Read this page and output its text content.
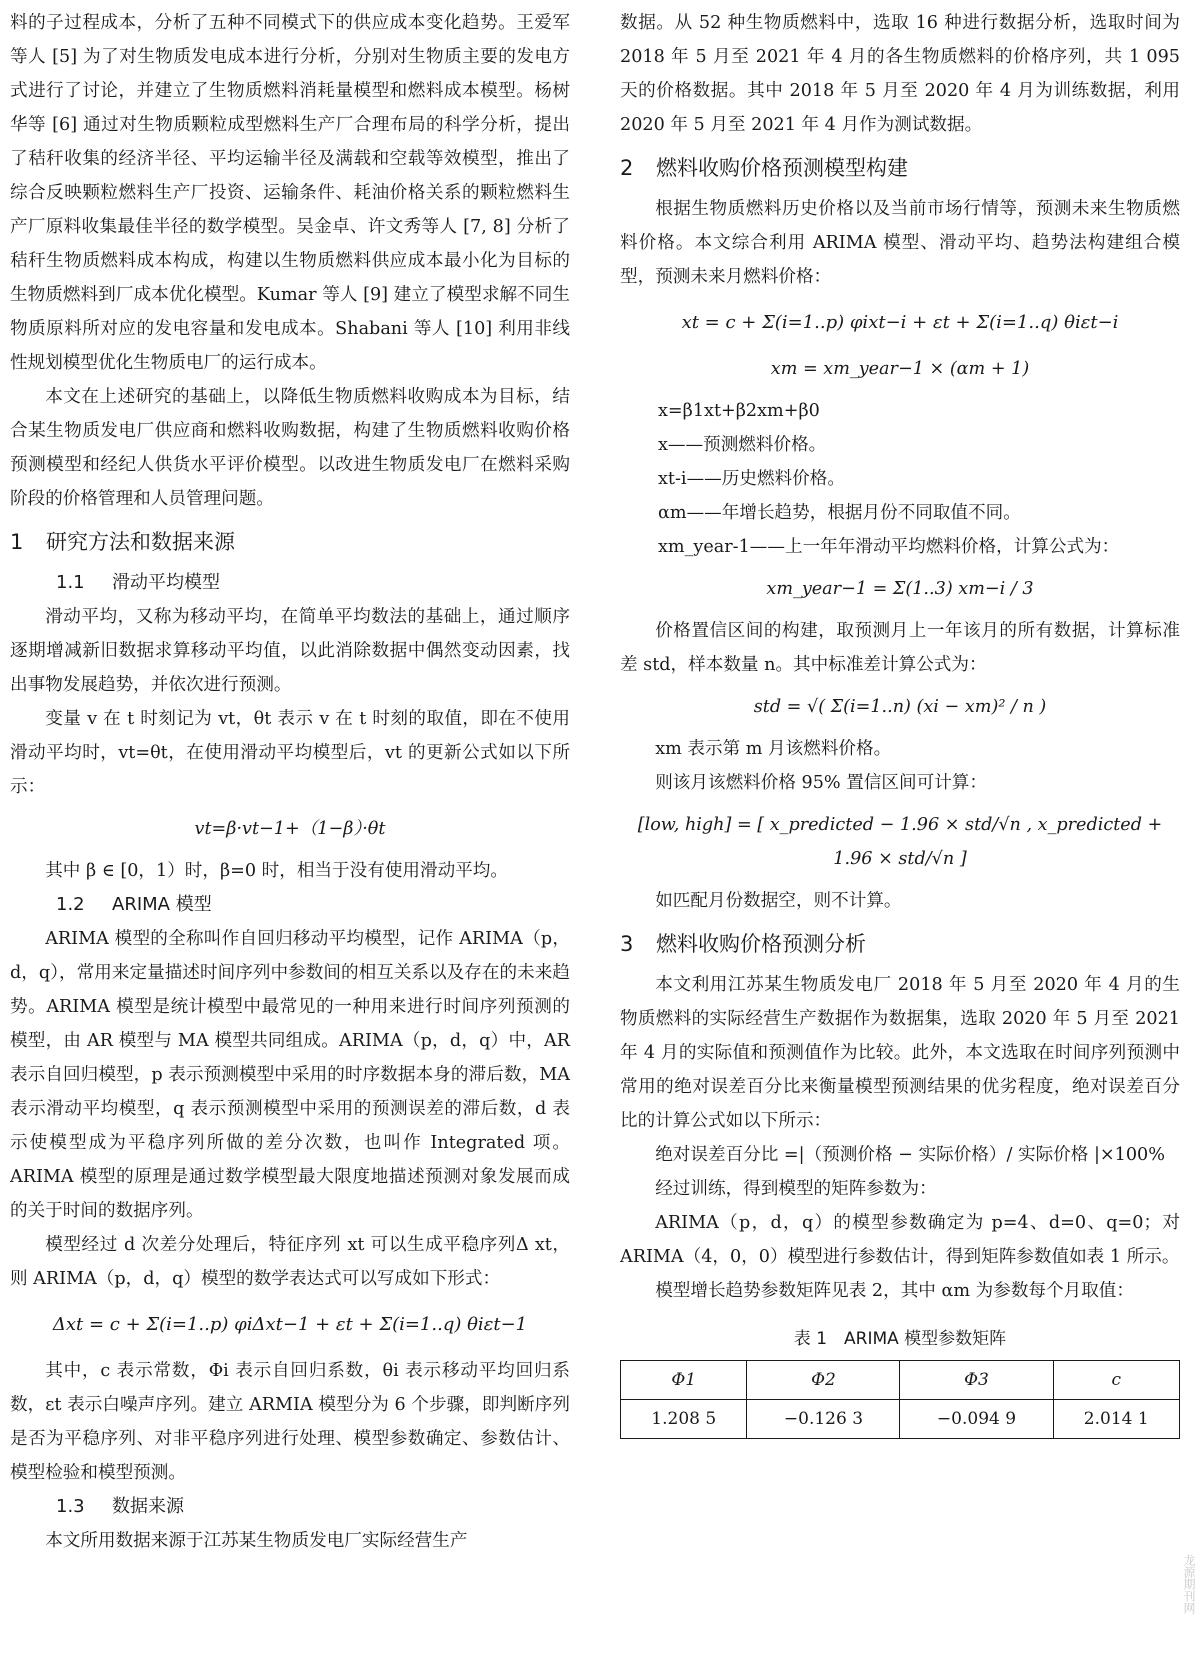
料的子过程成本，分析了五种不同模式下的供应成本变化趋势。王爱军等人 [5] 为了对生物质发电成本进行分析，分别对生物质主要的发电方式进行了讨论，并建立了生物质燃料消耗量模型和燃料成本模型。杨树华等 [6] 通过对生物质颗粒成型燃料生产厂合理布局的科学分析，提出了秸秆收集的经济半径、平均运输半径及满载和空载等效模型，推出了综合反映颗粒燃料生产厂投资、运输条件、耗油价格关系的颗粒燃料生产厂原料收集最佳半径的数学模型。吴金卓、许文秀等人 [7, 8] 分析了秸秆生物质燃料成本构成，构建以生物质燃料供应成本最小化为目标的生物质燃料到厂成本优化模型。Kumar 等人 [9] 建立了模型求解不同生物质原料所对应的发电容量和发电成本。Shabani 等人 [10] 利用非线性规划模型优化生物质电厂的运行成本。

本文在上述研究的基础上，以降低生物质燃料收购成本为目标，结合某生物质发电厂供应商和燃料收购数据，构建了生物质燃料收购价格预测模型和经纪人供货水平评价模型。以改进生物质发电厂在燃料采购阶段的价格管理和人员管理问题。

1 研究方法和数据来源
1.1 滑动平均模型

滑动平均，又称为移动平均，在简单平均数法的基础上，通过顺序逐期增减新旧数据求算移动平均值，以此消除数据中偶然变动因素，找出事物发展趋势，并依次进行预测。

变量 v 在 t 时刻记为 vt，θt 表示 v 在 t 时刻的取值，即在不使用滑动平均时，vt=θt，在使用滑动平均模型后，vt 的更新公式如以下所示：

vt=β·vt−1+（1−β）·θt

其中 β ∈ [0，1）时，β=0 时，相当于没有使用滑动平均。

1.2 ARIMA 模型

ARIMA 模型的全称叫作自回归移动平均模型，记作 ARIMA（p，d，q），常用来定量描述时间序列中参数间的相互关系以及存在的未来趋势。ARIMA 模型是统计模型中最常见的一种用来进行时间序列预测的模型，由 AR 模型与 MA 模型共同组成。ARIMA（p，d，q）中，AR 表示自回归模型，p 表示预测模型中采用的时序数据本身的滞后数，MA 表示滑动平均模型，q 表示预测模型中采用的预测误差的滞后数，d 表示使模型成为平稳序列所做的差分次数，也叫作 Integrated 项。ARIMA 模型的原理是通过数学模型最大限度地描述预测对象发展而成的关于时间的数据序列。

模型经过 d 次差分处理后，特征序列 xt 可以生成平稳序列Δ xt，则 ARIMA（p，d，q）模型的数学表达式可以写成如下形式：

Δxt = c + Σ(i=1..p) φiΔxt−1 + εt + Σ(i=1..q) θiεt−1

其中，c 表示常数，Φi 表示自回归系数，θi 表示移动平均回归系数，εt 表示白噪声序列。建立 ARMIA 模型分为 6 个步骤，即判断序列是否为平稳序列、对非平稳序列进行处理、模型参数确定、参数估计、模型检验和模型预测。

1.3 数据来源

本文所用数据来源于江苏某生物质发电厂实际经营生产

数据。从 52 种生物质燃料中，选取 16 种进行数据分析，选取时间为 2018 年 5 月至 2021 年 4 月的各生物质燃料的价格序列，共 1 095 天的价格数据。其中 2018 年 5 月至 2020 年 4 月为训练数据，利用 2020 年 5 月至 2021 年 4 月作为测试数据。

2 燃料收购价格预测模型构建

根据生物质燃料历史价格以及当前市场行情等，预测未来生物质燃料价格。本文综合利用 ARIMA 模型、滑动平均、趋势法构建组合模型，预测未来月燃料价格：

xt = c + Σ(i=1..p) φixt−i + εt + Σ(i=1..q) θiεt−i
xm = xm_year−1 × (αm + 1)

x=β1xt+β2xm+β0

x——预测燃料价格。

xt-i——历史燃料价格。

αm——年增长趋势，根据月份不同取值不同。

xm_year-1——上一年年滑动平均燃料价格，计算公式为：

xm_year−1 = Σ(1..3) xm−i / 3

价格置信区间的构建，取预测月上一年该月的所有数据，计算标准差 std，样本数量 n。其中标准差计算公式为：

std = √( Σ(i=1..n) (xi − xm)² / n )

xm 表示第 m 月该燃料价格。

则该月该燃料价格 95% 置信区间可计算：

[low, high] = [ x_predicted − 1.96 × std/√n , x_predicted + 1.96 × std/√n ]

如匹配月份数据空，则不计算。

3 燃料收购价格预测分析

本文利用江苏某生物质发电厂 2018 年 5 月至 2020 年 4 月的生物质燃料的实际经营生产数据作为数据集，选取 2020 年 5 月至 2021 年 4 月的实际值和预测值作为比较。此外，本文选取在时间序列预测中常用的绝对误差百分比来衡量模型预测结果的优劣程度，绝对误差百分比的计算公式如以下所示：

绝对误差百分比 =|（预测价格 − 实际价格）/ 实际价格 |×100%

经过训练，得到模型的矩阵参数为：

ARIMA（p，d，q）的模型参数确定为 p=4、d=0、q=0；对 ARIMA（4，0，0）模型进行参数估计，得到矩阵参数值如表 1 所示。

模型增长趋势参数矩阵见表 2，其中 αm 为参数每个月取值：

表 1　ARIMA 模型参数矩阵
Φ1	Φ2	Φ3	c
1.208 5	−0.126 3	−0.094 9	2.014 1
龙源期刊网
